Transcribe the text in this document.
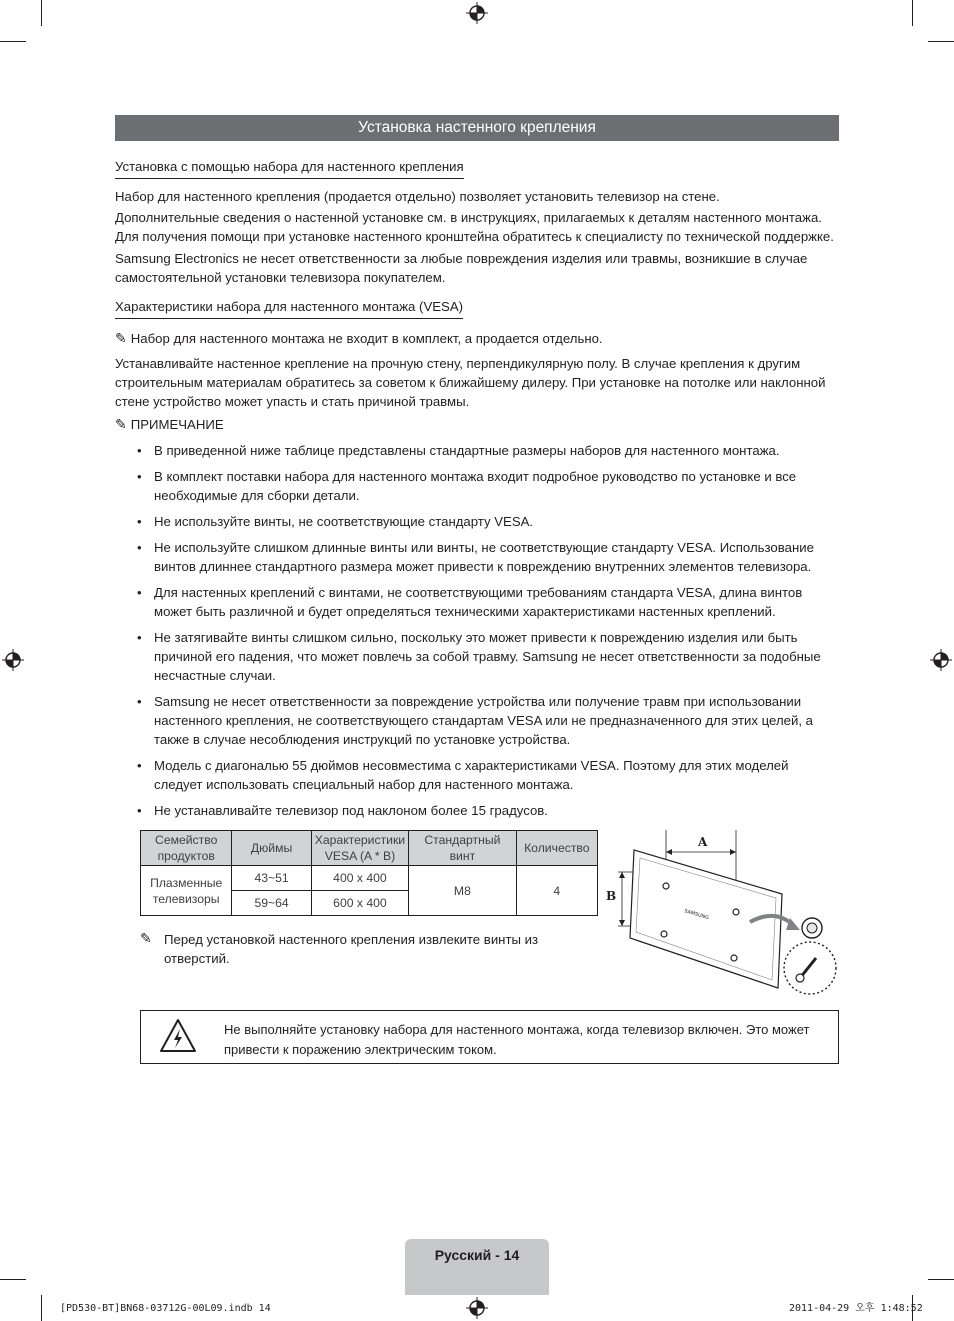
Установка настенного крепления
Установка с помощью набора для настенного крепления

Набор для настенного крепления (продается отдельно) позволяет установить телевизор на стене.

Дополнительные сведения о настенной установке см. в инструкциях, прилагаемых к деталям настенного монтажа. Для получения помощи при установке настенного кронштейна обратитесь к специалисту по технической поддержке.

Samsung Electronics не несет ответственности за любые повреждения изделия или травмы, возникшие в случае самостоятельной установки телевизора покупателем.

Характеристики набора для настенного монтажа (VESA)

✎ Набор для настенного монтажа не входит в комплект, а продается отдельно.

Устанавливайте настенное крепление на прочную стену, перпендикулярную полу. В случае крепления к другим строительным материалам обратитесь за советом к ближайшему дилеру. При установке на потолке или наклонной стене устройство может упасть и стать причиной травмы.

✎ ПРИМЕЧАНИЕ

• В приведенной ниже таблице представлены стандартные размеры наборов для настенного монтажа.
• В комплект поставки набора для настенного монтажа входит подробное руководство по установке и все необходимые для сборки детали.
• Не используйте винты, не соответствующие стандарту VESA.
• Не используйте слишком длинные винты или винты, не соответствующие стандарту VESA. Использование винтов длиннее стандартного размера может привести к повреждению внутренних элементов телевизора.
• Для настенных креплений с винтами, не соответствующими требованиям стандарта VESA, длина винтов может быть различной и будет определяться техническими характеристиками настенных креплений.
• Не затягивайте винты слишком сильно, поскольку это может привести к повреждению изделия или быть причиной его падения, что может повлечь за собой травму. Samsung не несет ответственности за подобные несчастные случаи.
• Samsung не несет ответственности за повреждение устройства или получение травм при использовании настенного крепления, не соответствующего стандартам VESA или не предназначенного для этих целей, а также в случае несоблюдения инструкций по установке устройства.
• Модель с диагональю 55 дюймов несовместима с характеристиками VESA. Поэтому для этих моделей следует использовать специальный набор для настенного монтажа.
• Не устанавливайте телевизор под наклоном более 15 градусов.
Семейство продуктов	Дюймы	Характеристики VESA (A * B)	Стандартный винт	Количество
Плазменные телевизоры	43~51	400 x 400	M8	4
	59~64	600 x 400		

✎ Перед установкой настенного крепления извлеките винты из отверстий.

A
B
SAMSUNG
Не выполняйте установку набора для настенного монтажа, когда телевизор включен. Это может привести к поражению электрическим током.
Русский - 14
[PD530-BT]BN68-03712G-00L09.indb 14	2011-04-29 오후 1:48:52
